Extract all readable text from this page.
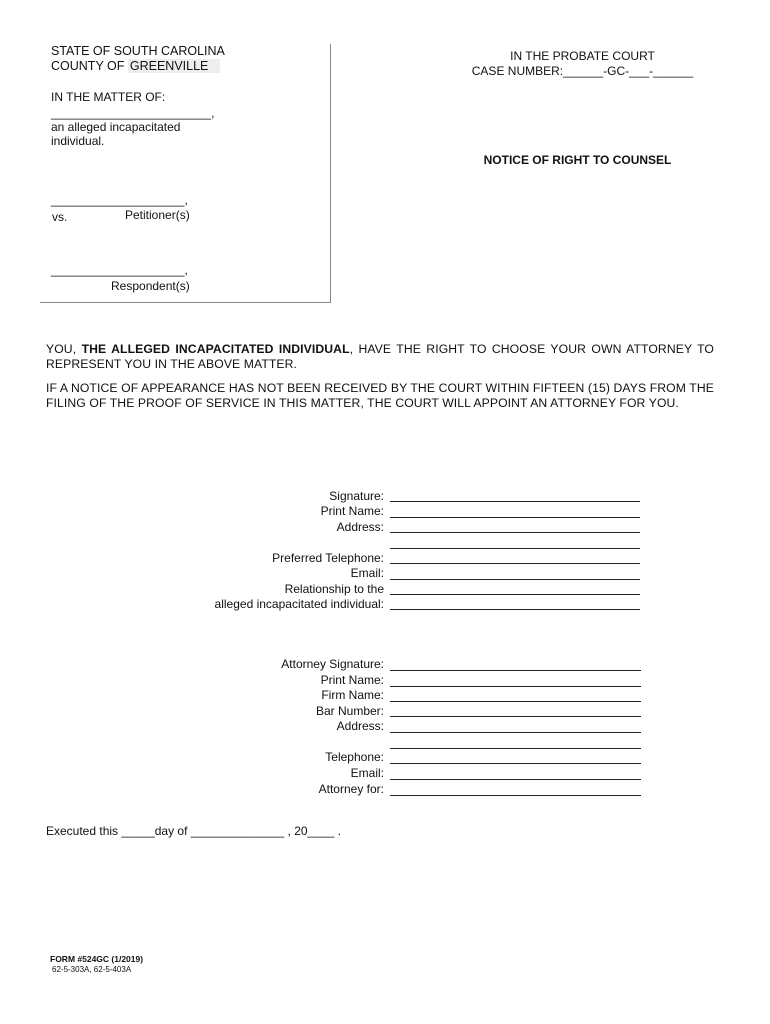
STATE OF SOUTH CAROLINA
COUNTY OF GREENVILLE
IN THE MATTER OF:
________________________,
an alleged incapacitated
individual.
____________________,
vs.	Petitioner(s)
____________________,
Respondent(s)
IN THE PROBATE COURT
CASE NUMBER:______-GC-___-______
NOTICE OF RIGHT TO COUNSEL
YOU, THE ALLEGED INCAPACITATED INDIVIDUAL, HAVE THE RIGHT TO CHOOSE YOUR OWN ATTORNEY TO REPRESENT YOU IN THE ABOVE MATTER.
IF A NOTICE OF APPEARANCE HAS NOT BEEN RECEIVED BY THE COURT WITHIN FIFTEEN (15) DAYS FROM THE FILING OF THE PROOF OF SERVICE IN THIS MATTER, THE COURT WILL APPOINT AN ATTORNEY FOR YOU.
Signature:
Print Name:
Address:
Preferred Telephone:
Email:
Relationship to the
alleged incapacitated individual:
Attorney Signature:
Print Name:
Firm Name:
Bar Number:
Address:
Telephone:
Email:
Attorney for:
Executed this _____day of ______________ , 20____ .
FORM #524GC (1/2019)
62-5-303A, 62-5-403A
